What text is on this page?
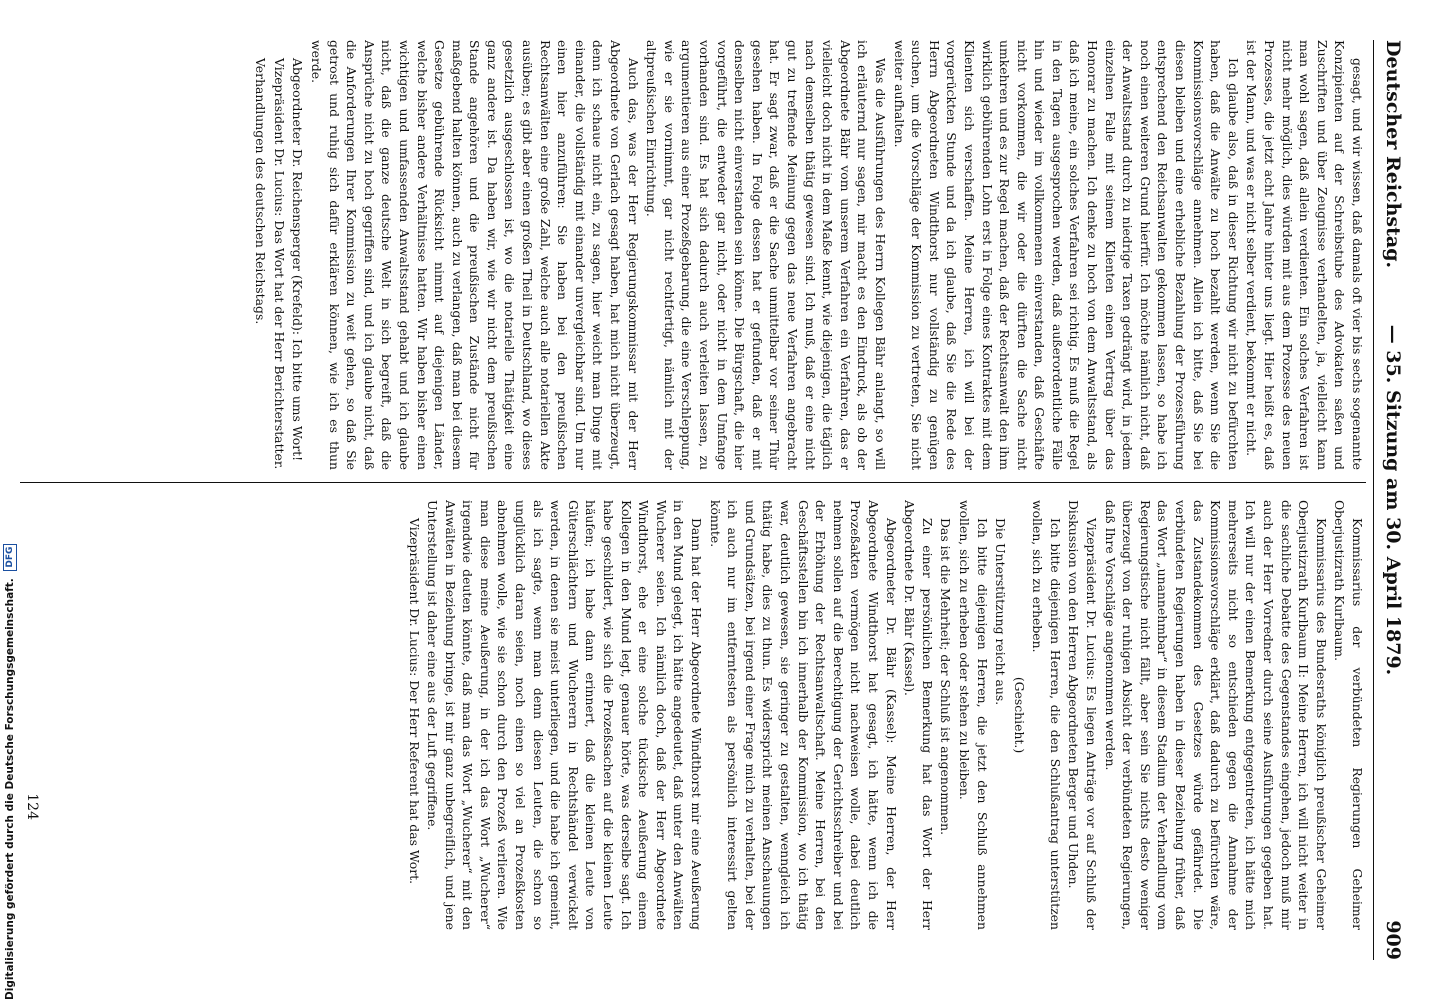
Deutscher Reichstag.
— 35. Sitzung am 30. April 1879.
909

gesagt, und wir wissen, daß damals oft vier bis sechs sogenannte Konzipienten auf der Schreibstube des Advokaten saßen und Zuschriften und über Zeugnisse verhandelten, ja, vielleicht kann man wohl sagen, daß allein verdienten. Ein solches Verfahren ist nicht mehr möglich, dies würden mit aus dem Prozesse des neuen Prozesses, die jetzt acht Jahre hinter uns liegt. Hier heißt es, daß ist der Mann, und was er nicht selber verdient, bekommt er nicht.

Ich glaube also, daß in dieser Richtung wir nicht zu befürchten haben, daß die Anwälte zu hoch bezahlt werden, wenn Sie die Kommissionsvorschläge annehmen. Allein ich bitte, daß Sie bei diesen bleiben und eine erhebliche Bezahlung der Prozessführung entsprechend den Reichsanwalten gekommen lassen, so habe ich noch einen weiteren Grund hierfür. Ich möchte nämlich nicht, daß der Anwaltsstand durch zu niedrige Taxen gedrängt wird, in jedem einzelnen Falle mit seinem Klienten einen Vertrag über das Honorar zu machen. Ich denke zu hoch von dem Anwaltsstand, als daß ich meine, ein solches Verfahren sei richtig. Es muß die Regel in den Tagen ausgesprochen werden, daß außerordentliche Fälle hin und wieder im vollkommenen einverstanden, daß Geschäfte nicht vorkommen, die wir oder die dürften die Sache nicht umkehren und es zur Regel machen, daß der Rechtsanwalt den ihm wirklich gebührenden Lohn erst in Folge eines Kontraktes mit dem Klienten sich verschaffen. Meine Herren, ich will bei der vorgerückten Stunde und da ich glaube, daß Sie die Rede des Herrn Abgeordneten Windthorst nur vollständig zu genügen suchen, um die Vorschläge der Kommission zu vertreten, Sie nicht weiter aufhalten.

Was die Ausführungen des Herrn Kollegen Bähr anlangt, so will ich erläuternd nur sagen, mir macht es den Eindruck, als ob der Abgeordnete Bähr vom unserem Verfahren ein Verfahren, das er vielleicht doch nicht in dem Maße kennt, wie diejenigen, die täglich nach demselben thätig gewesen sind. Ich muß, daß er eine nicht gut zu treffende Meinung gegen das neue Verfahren angebracht hat. Er sagt zwar, daß er die Sache unmittelbar vor seiner Thür gesehen haben. In Folge dessen hat er gefunden, daß er mit denselben nicht einverstanden sein könne. Die Bürgschaft, die hier vorgeführt, die entweder gar nicht, oder nicht in dem Umfange vorhanden sind. Es hat sich dadurch auch verleiten lassen, zu argumentieren aus einer Prozeßgebarung, die eine Verschleppung, wie er sie vornimmt, gar nicht rechtfertigt, nämlich mit der altpreußischen Einrichtung.

Auch das, was der Herr Regierungskommissar mit der Herr Abgeordnete von Gerlach gesagt haben, hat mich nicht überzeugt, denn ich schaue nicht ein, zu sagen, hier weicht man Dinge mit einander, die vollständig mit einander unvergleichbar sind. Um nur einen hier anzuführen: Sie haben bei den preußischen Rechtsanwälten eine große Zahl, welche auch alle notariellen Akte ausüben; es gibt aber einen großen Theil in Deutschland, wo dieses gesetzlich ausgeschlossen ist, wo die notarielle Thätigkeit eine ganz andere ist. Da haben wir, wie wir nicht dem preußischen Stande angehören und die preußischen Zustände nicht für maßgebend halten können, auch zu verlangen, daß man bei diesem Gesetze gebührende Rücksicht nimmt auf diejenigen Länder, welche bisher andere Verhältnisse hatten. Wir haben bisher einen wichtigen und umfassenden Anwaltsstand gehabt und ich glaube nicht, daß die ganze deutsche Welt in sich begreift, daß die Ansprüche nicht zu hoch gegriffen sind, und ich glaube nicht, daß die Anforderungen Ihrer Kommission zu weit gehen, so daß Sie getrost und ruhig sich dafür erklären können, wie ich es thun werde.

Abgeordneter Dr. Reichensperger (Krefeld): Ich bitte ums Wort!

Vizepräsident Dr. Lucius: Das Wort hat der Herr Berichterstatter.

Verhandlungen des deutschen Reichstags.

Kommissarius der verbündeten Regierungen Geheimer Oberjustizrath Kurlbaum.

Kommissarius des Bundesraths königlich preußischer Geheimer Oberjustizrath Kurlbaum II: Meine Herren, ich will nicht weiter in die sachliche Debatte des Gegenstandes eingehen, jedoch muß mir auch der Herr Vorredner durch seine Ausführungen gegeben hat. Ich will nur der einen Bemerkung entgegentreten, ich hätte mich mehrerseits nicht so entschieden gegen die Annahme der Kommissionsvorschläge erklärt, daß dadurch zu befürchten wäre, das Zustandekommen des Gesetzes würde gefährdet. Die verbündeten Regierungen haben in dieser Beziehung früher, daß das Wort „unannehmbar“ in diesem Stadium der Verhandlung vom Regierungstische nicht fällt, aber sein Sie nichts desto weniger überzeugt von der ruhigen Absicht der verbündeten Regierungen, daß Ihre Vorschläge angenommen werden.

Vizepräsident Dr. Lucius: Es liegen Anträge vor auf Schluß der Diskussion von den Herren Abgeordneten Berger und Uhden.

Ich bitte diejenigen Herren, die den Schlußantrag unterstützen wollen, sich zu erheben.

(Geschieht.)

Die Unterstützung reicht aus.

Ich bitte diejenigen Herren, die jetzt den Schluß annehmen wollen, sich zu erheben oder stehen zu bleiben.

Das ist die Mehrheit; der Schluß ist angenommen.

Zu einer persönlichen Bemerkung hat das Wort der Herr Abgeordnete Dr. Bähr (Kassel).

Abgeordneter Dr. Bähr (Kassel): Meine Herren, der Herr Abgeordnete Windthorst hat gesagt, ich hätte, wenn ich die Prozeßakten vermögen nicht nachweisen wolle, dabei deutlich nehmen sollen auf die Berechtigung der Gerichtsschreiber und bei der Erhöhung der Rechtsanwaltschaft. Meine Herren, bei den Geschäftsstellen bin ich innerhalb der Kommission, wo ich thätig war, deutlich gewesen, sie geringer zu gestalten, wenngleich ich thätig habe, dies zu thun. Es widerspricht meinen Anschauungen und Grundsätzen, bei irgend einer Frage mich zu verhalten, bei der ich auch nur im entferntesten als persönlich interessirt gelten könnte.

Dann hat der Herr Abgeordnete Windthorst mir eine Aeußerung in den Mund gelegt, ich hätte angedeutet, daß unter den Anwälten Wucherer seien. Ich nämlich doch, daß der Herr Abgeordnete Windthorst, ehe er eine solche tückische Aeußerung einem Kollegen in den Mund legt, genauer hörte, was derselbe sagt. Ich habe geschildert, wie sich die Prozeßsachen auf die kleinen Leute häufen; ich habe dann erinnert, daß die kleinen Leute von Güterschlächtern und Wucherern in Rechtshändel verwickelt werden, in denen sie meist unterliegen, und die habe ich gemeint, als ich sagte, wenn man denn diesen Leuten, die schon so unglücklich daran seien, noch einen so viel an Prozeßkosten abnehmen wolle, wie sie schon durch den Prozeß verlieren. Wie man diese meine Aeußerung, in der ich das Wort „Wucherer“ irgendwie deuten könnte, daß man das Wort „Wucherer“ mit den Anwälten in Beziehung bringe, ist mir ganz unbegreiflich, und jene Unterstellung ist daher eine aus der Luft gegriffene.

Vizepräsident Dr. Lucius: Der Herr Referent hat das Wort.

124
Digitalisierung gefördert durch die Deutsche Forschungsgemeinschaft. DFG
